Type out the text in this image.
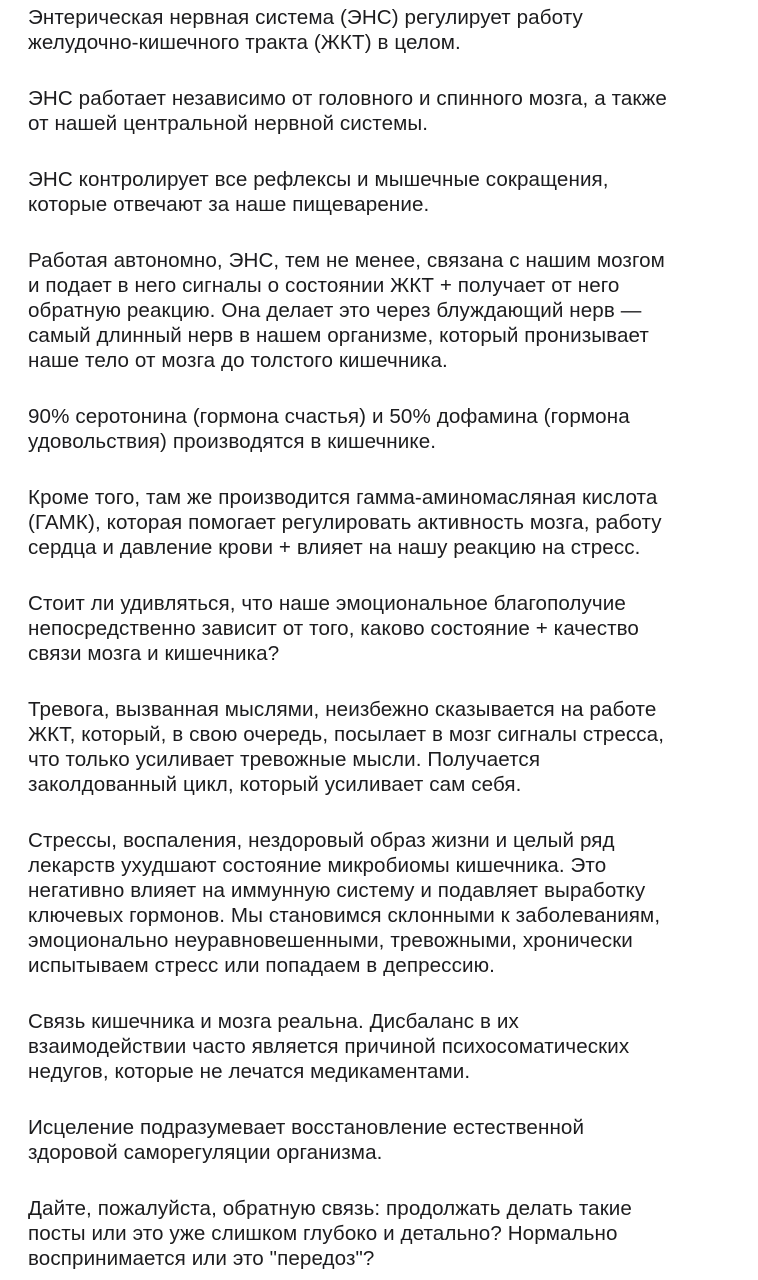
Энтерическая нервная система (ЭНС) регулирует работу
желудочно-кишечного тракта (ЖКТ) в целом.

ЭНС работает независимо от головного и спинного мозга, а также
от нашей центральной нервной системы.

ЭНС контролирует все рефлексы и мышечные сокращения,
которые отвечают за наше пищеварение.

Работая автономно, ЭНС, тем не менее, связана с нашим мозгом
и подает в него сигналы о состоянии ЖКТ + получает от него
обратную реакцию. Она делает это через блуждающий нерв —
самый длинный нерв в нашем организме, который пронизывает
наше тело от мозга до толстого кишечника.

90% серотонина (гормона счастья) и 50% дофамина (гормона
удовольствия) производятся в кишечнике.

Кроме того, там же производится гамма-аминомасляная кислота
(ГАМК), которая помогает регулировать активность мозга, работу
сердца и давление крови + влияет на нашу реакцию на стресс.

Стоит ли удивляться, что наше эмоциональное благополучие
непосредственно зависит от того, каково состояние + качество
связи мозга и кишечника?

Тревога, вызванная мыслями, неизбежно сказывается на работе
ЖКТ, который, в свою очередь, посылает в мозг сигналы стресса,
что только усиливает тревожные мысли. Получается
заколдованный цикл, который усиливает сам себя.

Стрессы, воспаления, нездоровый образ жизни и целый ряд
лекарств ухудшают состояние микробиомы кишечника. Это
негативно влияет на иммунную систему и подавляет выработку
ключевых гормонов. Мы становимся склонными к заболеваниям,
эмоционально неуравновешенными, тревожными, хронически
испытываем стресс или попадаем в депрессию.

Связь кишечника и мозга реальна. Дисбаланс в их
взаимодействии часто является причиной психосоматических
недугов, которые не лечатся медикаментами.

Исцеление подразумевает восстановление естественной
здоровой саморегуляции организма.

Дайте, пожалуйста, обратную связь: продолжать делать такие
посты или это уже слишком глубоко и детально? Нормально
воспринимается или это "передоз"?
